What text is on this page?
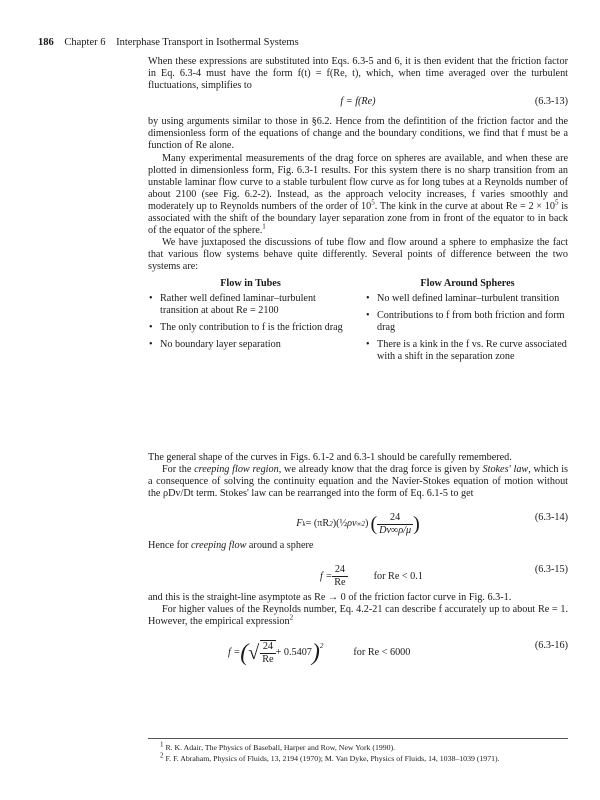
186 Chapter 6 Interphase Transport in Isothermal Systems

When these expressions are substituted into Eqs. 6.3-5 and 6, it is then evident that the friction factor in Eq. 6.3-4 must have the form f(t) = f(Re, t), which, when time averaged over the turbulent fluctuations, simplifies to

f = f(Re)	(6.3-13)

by using arguments similar to those in §6.2. Hence from the defintition of the friction factor and the dimensionless form of the equations of change and the boundary conditions, we find that f must be a function of Re alone.

Many experimental measurements of the drag force on spheres are available, and when these are plotted in dimensionless form, Fig. 6.3-1 results. For this system there is no sharp transition from an unstable laminar flow curve to a stable turbulent flow curve as for long tubes at a Reynolds number of about 2100 (see Fig. 6.2-2). Instead, as the approach velocity increases, f varies smoothly and moderately up to Reynolds numbers of the order of $10^5$. The kink in the curve at about $Re = 2 \times 10^5$ is associated with the shift of the boundary layer separation zone from in front of the equator to in back of the equator of the sphere.$^1$

We have juxtaposed the discussions of tube flow and flow around a sphere to emphasize the fact that various flow systems behave quite differently. Several points of difference between the two systems are:

Flow in Tubes
• Rather well defined laminar–turbulent transition at about Re = 2100
• The only contribution to f is the friction drag
• No boundary layer separation
Flow Around Spheres
• No well defined laminar–turbulent transition
• Contributions to f from both friction and form drag
• There is a kink in the f vs. Re curve associated with a shift in the separation zone

The general shape of the curves in Figs. 6.1-2 and 6.3-1 should be carefully remembered.

For the creeping flow region, we already know that the drag force is given by Stokes' law, which is a consequence of solving the continuity equation and the Navier-Stokes equation of motion without the ρDv/Dt term. Stokes' law can be rearranged into the form of Eq. 6.1-5 to get

F k = (πR 2 )( ½ ρv ∞ 2 ) (	24
Dv∞ρ/μ )	(6.3-14)

Hence for creeping flow around a sphere

$f = \frac{24}{Re}$	for Re < 0.1
(6.3-15)

and this is the straight-line asymptote as Re → 0 of the friction factor curve in Fig. 6.3-1.

For higher values of the Reynolds number, Eq. 4.2-21 can describe f accurately up to about Re = 1. However, the empirical expression$^2$

f = ( √ 24
Re
+ 0.5407 ) 2
for Re < 6000
(6.3-16)
$^1$ R. K. Adair, The Physics of Baseball, Harper and Row, New York (1990).
$^2$ F. F. Abraham, Physics of Fluids, 13, 2194 (1970); M. Van Dyke, Physics of Fluids, 14, 1038–1039 (1971).
